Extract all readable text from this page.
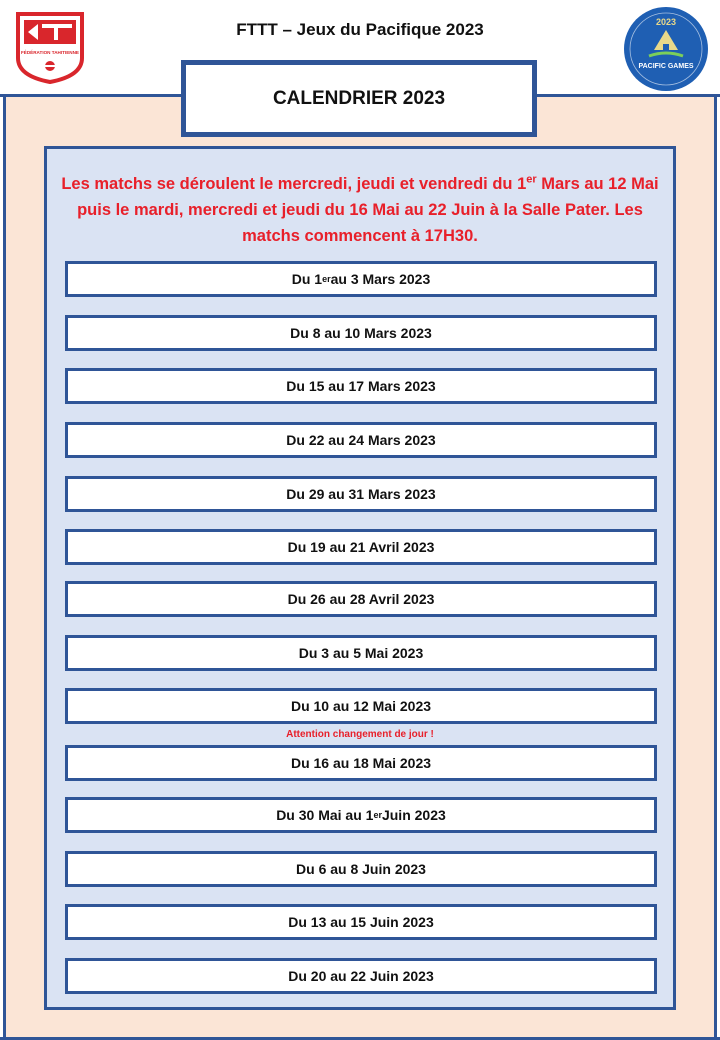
FÉDÉRATION TAHITIENNE
FTTT – Jeux du Pacifique 2023	2023
PACIFIC GAMES
CALENDRIER 2023
Les matchs se déroulent le mercredi, jeudi et vendredi du 1er Mars au 12 Mai puis le mardi, mercredi et jeudi du 16 Mai au 22 Juin à la Salle Pater. Les matchs commencent à 17H30.
Du 1 er au 3 Mars 2023
Du 8 au 10 Mars 2023
Du 15 au 17 Mars 2023
Du 22 au 24 Mars 2023
Du 29 au 31 Mars 2023
Du 19 au 21 Avril 2023
Du 26 au 28 Avril 2023
Du 3 au 5 Mai 2023
Du 10 au 12 Mai 2023
Attention changement de jour !
Du 16 au 18 Mai 2023
Du 30 Mai au 1 er Juin 2023
Du 6 au 8 Juin 2023
Du 13 au 15 Juin 2023
Du 20 au 22 Juin 2023
